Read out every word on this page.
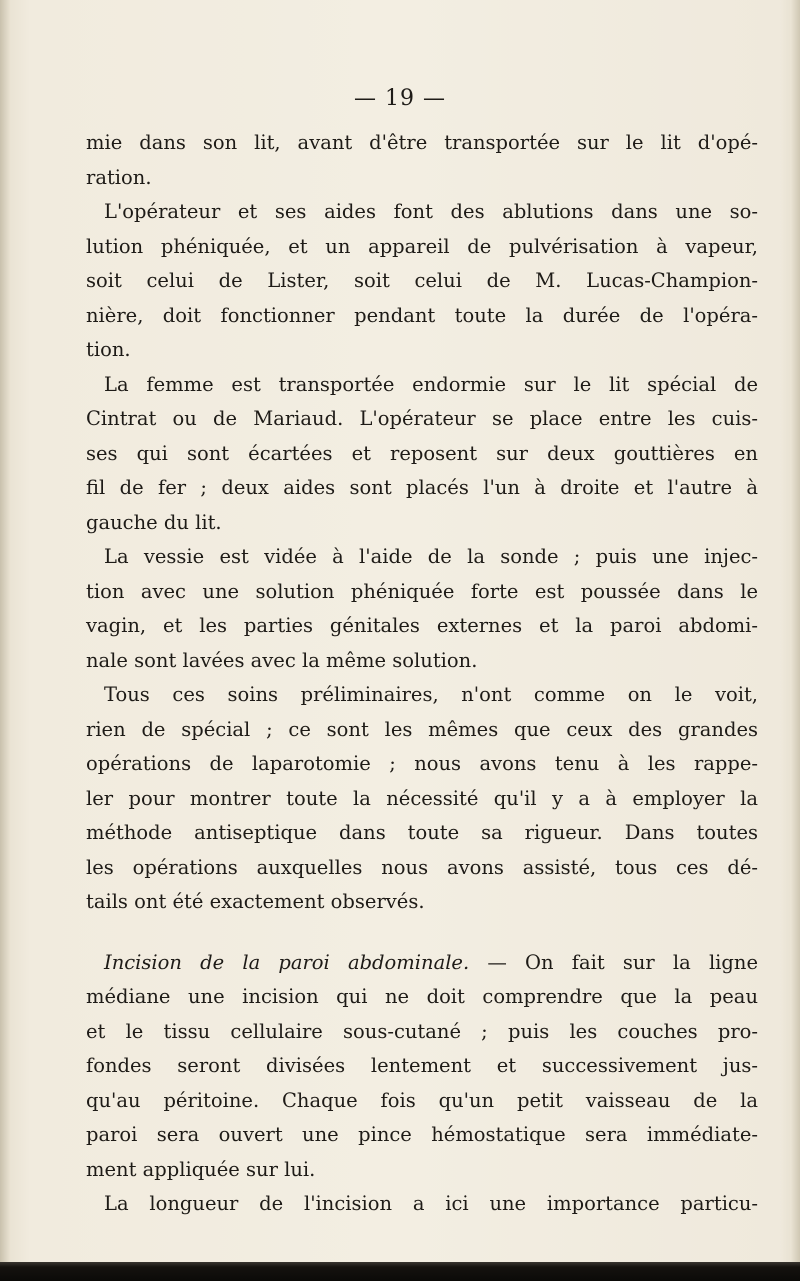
— 19 —
mie dans son lit, avant d'être transportée sur le lit d'opé-
ration.
L'opérateur et ses aides font des ablutions dans une so-
lution phéniquée, et un appareil de pulvérisation à vapeur,
soit celui de Lister, soit celui de M. Lucas-Champion-
nière, doit fonctionner pendant toute la durée de l'opéra-
tion.
La femme est transportée endormie sur le lit spécial de
Cintrat ou de Mariaud. L'opérateur se place entre les cuis-
ses qui sont écartées et reposent sur deux gouttières en
fil de fer ; deux aides sont placés l'un à droite et l'autre à
gauche du lit.
La vessie est vidée à l'aide de la sonde ; puis une injec-
tion avec une solution phéniquée forte est poussée dans le
vagin, et les parties génitales externes et la paroi abdomi-
nale sont lavées avec la même solution.
Tous ces soins préliminaires, n'ont comme on le voit,
rien de spécial ; ce sont les mêmes que ceux des grandes
opérations de laparotomie ; nous avons tenu à les rappe-
ler pour montrer toute la nécessité qu'il y a à employer la
méthode antiseptique dans toute sa rigueur. Dans toutes
les opérations auxquelles nous avons assisté, tous ces dé-
tails ont été exactement observés.
Incision de la paroi abdominale. — On fait sur la ligne
médiane une incision qui ne doit comprendre que la peau
et le tissu cellulaire sous-cutané ; puis les couches pro-
fondes seront divisées lentement et successivement jus-
qu'au péritoine. Chaque fois qu'un petit vaisseau de la
paroi sera ouvert une pince hémostatique sera immédiate-
ment appliquée sur lui.
La longueur de l'incision a ici une importance particu-
